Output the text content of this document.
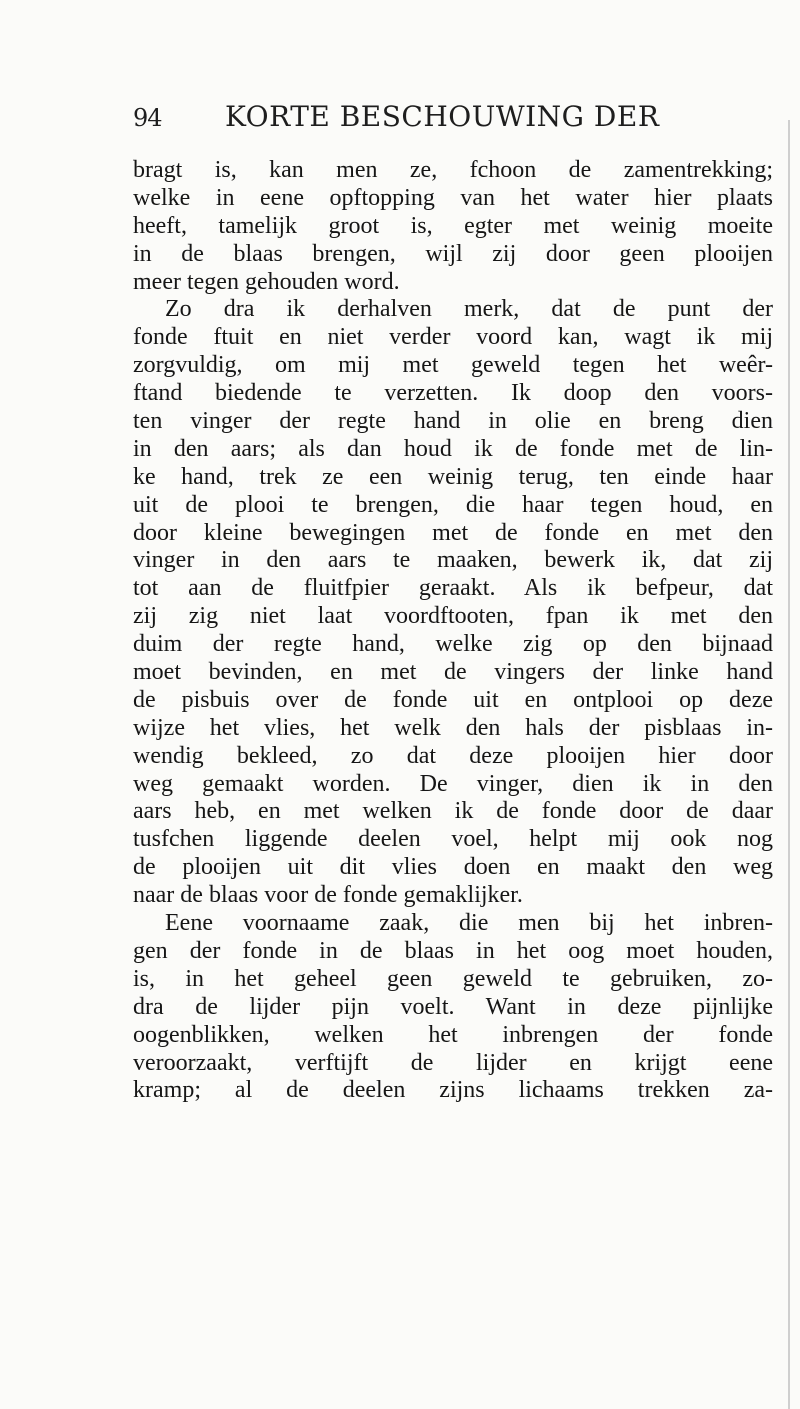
94 KORTE BESCHOUWING DER
bragt is, kan men ze, fchoon de zamentrekking;
welke in eene opftopping van het water hier plaats
heeft, tamelijk groot is, egter met weinig moeite
in de blaas brengen, wijl zij door geen plooijen
meer tegen gehouden word.
Zo dra ik derhalven merk, dat de punt der
fonde ftuit en niet verder voord kan, wagt ik mij
zorgvuldig, om mij met geweld tegen het weêr-
ftand biedende te verzetten. Ik doop den voors-
ten vinger der regte hand in olie en breng dien
in den aars; als dan houd ik de fonde met de lin-
ke hand, trek ze een weinig terug, ten einde haar
uit de plooi te brengen, die haar tegen houd, en
door kleine bewegingen met de fonde en met den
vinger in den aars te maaken, bewerk ik, dat zij
tot aan de fluitfpier geraakt. Als ik befpeur, dat
zij zig niet laat voordftooten, fpan ik met den
duim der regte hand, welke zig op den bijnaad
moet bevinden, en met de vingers der linke hand
de pisbuis over de fonde uit en ontplooi op deze
wijze het vlies, het welk den hals der pisblaas in-
wendig bekleed, zo dat deze plooijen hier door
weg gemaakt worden. De vinger, dien ik in den
aars heb, en met welken ik de fonde door de daar
tusfchen liggende deelen voel, helpt mij ook nog
de plooijen uit dit vlies doen en maakt den weg
naar de blaas voor de fonde gemaklijker.
Eene voornaame zaak, die men bij het inbren-
gen der fonde in de blaas in het oog moet houden,
is, in het geheel geen geweld te gebruiken, zo-
dra de lijder pijn voelt. Want in deze pijnlijke
oogenblikken, welken het inbrengen der fonde
veroorzaakt, verftijft de lijder en krijgt eene
kramp; al de deelen zijns lichaams trekken za-
